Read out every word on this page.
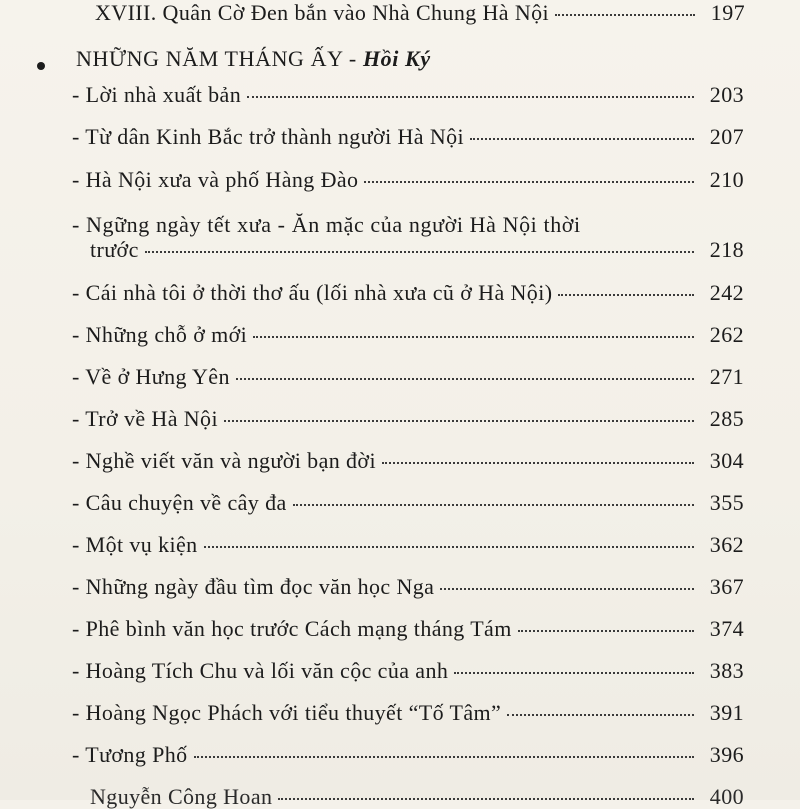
XVIII. Quân Cờ Đen bắn vào Nhà Chung Hà Nội	197
NHỮNG NĂM THÁNG ẤY - Hồi Ký
- Lời nhà xuất bản	203
- Từ dân Kinh Bắc trở thành người Hà Nội	207
- Hà Nội xưa và phố Hàng Đào	210
- Ngững ngày tết xưa - Ăn mặc của người Hà Nội thời
trước	218
- Cái nhà tôi ở thời thơ ấu (lối nhà xưa cũ ở Hà Nội)	242
- Những chỗ ở mới	262
- Về ở Hưng Yên	271
- Trở về Hà Nội	285
- Nghề viết văn và người bạn đời	304
- Câu chuyện về cây đa	355
- Một vụ kiện	362
- Những ngày đầu tìm đọc văn học Nga	367
- Phê bình văn học trước Cách mạng tháng Tám	374
- Hoàng Tích Chu và lối văn cộc của anh	383
- Hoàng Ngọc Phách với tiểu thuyết “Tố Tâm”	391
- Tương Phố	396
Nguyễn Công Hoan	400
